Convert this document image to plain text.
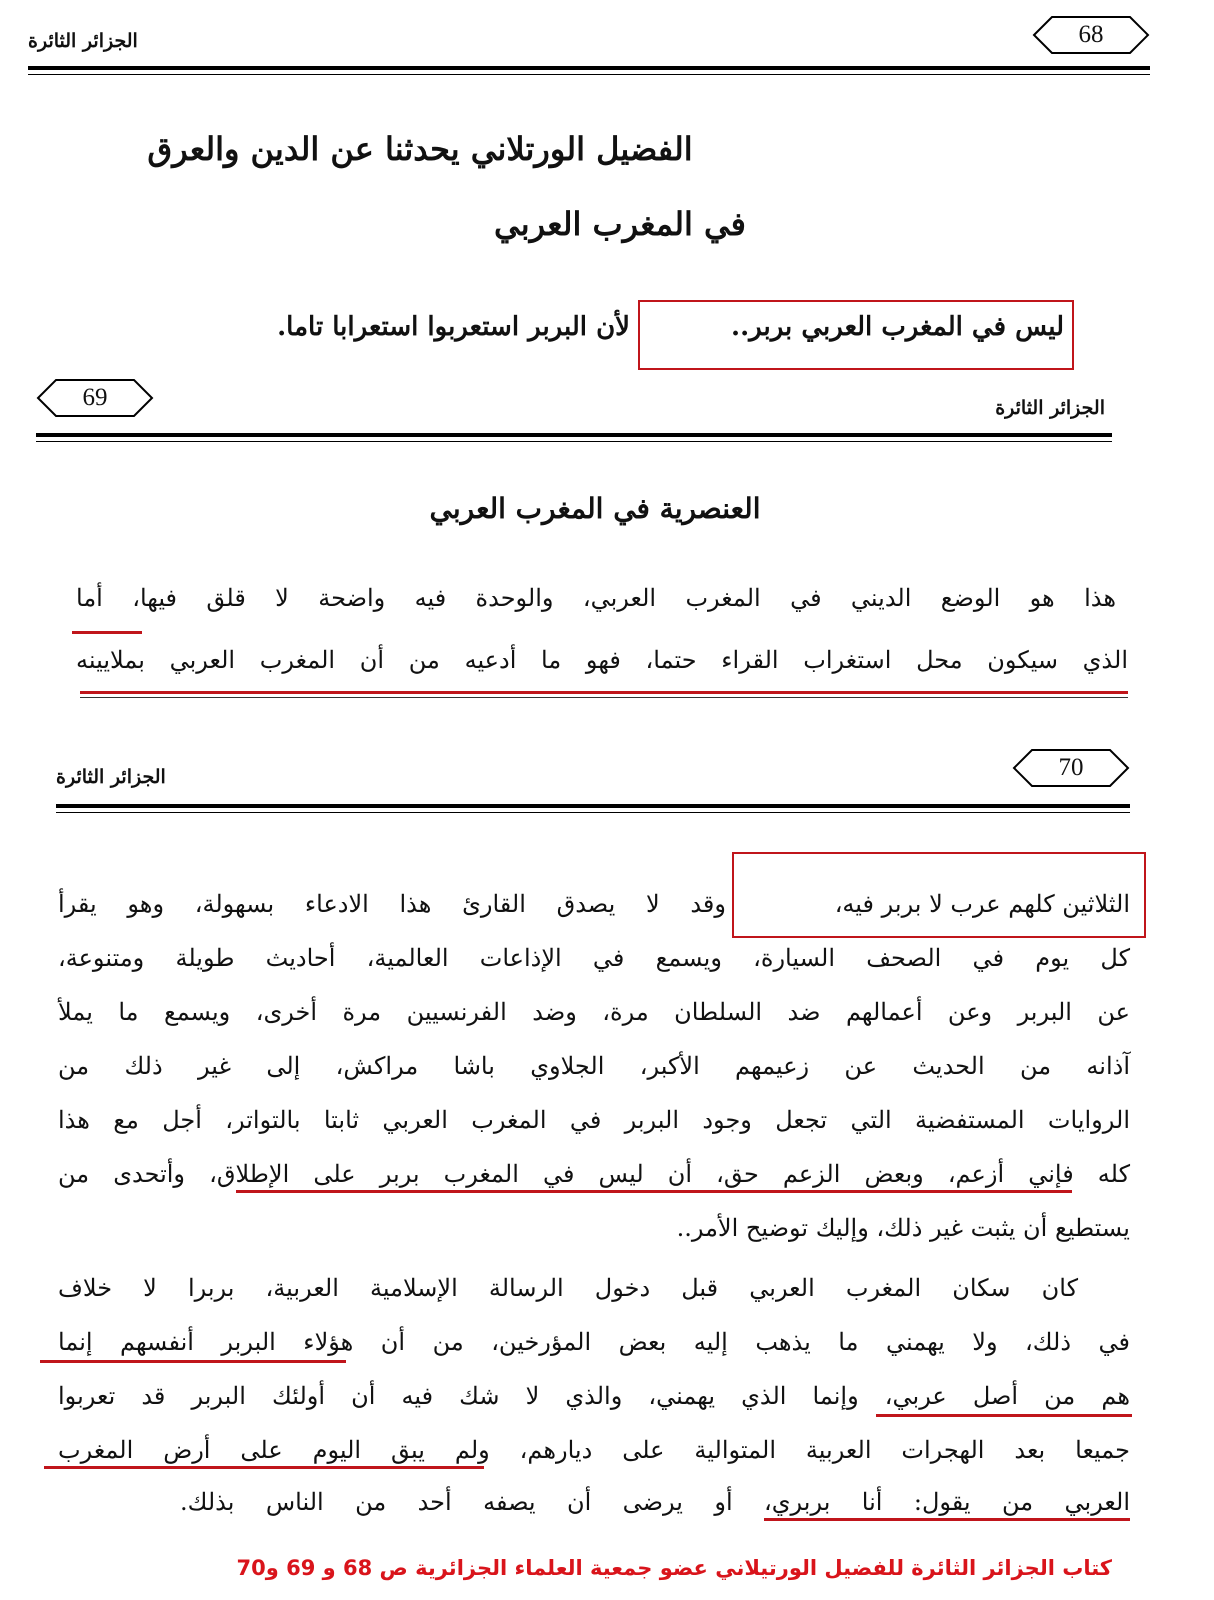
68
الجزائر الثائرة
الفضيل الورتلاني يحدثنا عن الدين والعرق
في المغرب العربي
ليس في المغرب العربي بربر..
لأن البربر استعربوا استعرابا تاما.
69	الجزائر الثائرة
العنصرية في المغرب العربي
هذا هو الوضع الديني في المغرب العربي، والوحدة فيه واضحة لا قلق فيها، أما
الذي سيكون محل استغراب القراء حتما، فهو ما أدعيه من أن المغرب العربي بملايينه
70
الجزائر الثائرة
الثلاثين كلهم عرب لا بربر فيه،
وقد لا يصدق القارئ هذا الادعاء بسهولة، وهو يقرأ
كل يوم في الصحف السيارة، ويسمع في الإذاعات العالمية، أحاديث طويلة ومتنوعة،
عن البربر وعن أعمالهم ضد السلطان مرة، وضد الفرنسيين مرة أخرى، ويسمع ما يملأ
آذانه من الحديث عن زعيمهم الأكبر، الجلاوي باشا مراكش، إلى غير ذلك من
الروايات المستفضية التي تجعل وجود البربر في المغرب العربي ثابتا بالتواتر، أجل مع هذا
كله فإني أزعم، وبعض الزعم حق، أن ليس في المغرب بربر على الإطلاق، وأتحدى من
يستطيع أن يثبت غير ذلك، وإليك توضيح الأمر..
كان سكان المغرب العربي قبل دخول الرسالة الإسلامية العربية، بربرا لا خلاف
في ذلك، ولا يهمني ما يذهب إليه بعض المؤرخين، من أن هؤلاء البربر أنفسهم إنما
هم من أصل عربي، وإنما الذي يهمني، والذي لا شك فيه أن أولئك البربر قد تعربوا
جميعا بعد الهجرات العربية المتوالية على ديارهم، ولم يبق اليوم على أرض المغرب
العربي من يقول: أنا بربري، أو يرضى أن يصفه أحد من الناس بذلك.
كتاب الجزائر الثائرة للفضيل الورتيلاني عضو جمعية العلماء الجزائرية ص 68 و 69 و70
